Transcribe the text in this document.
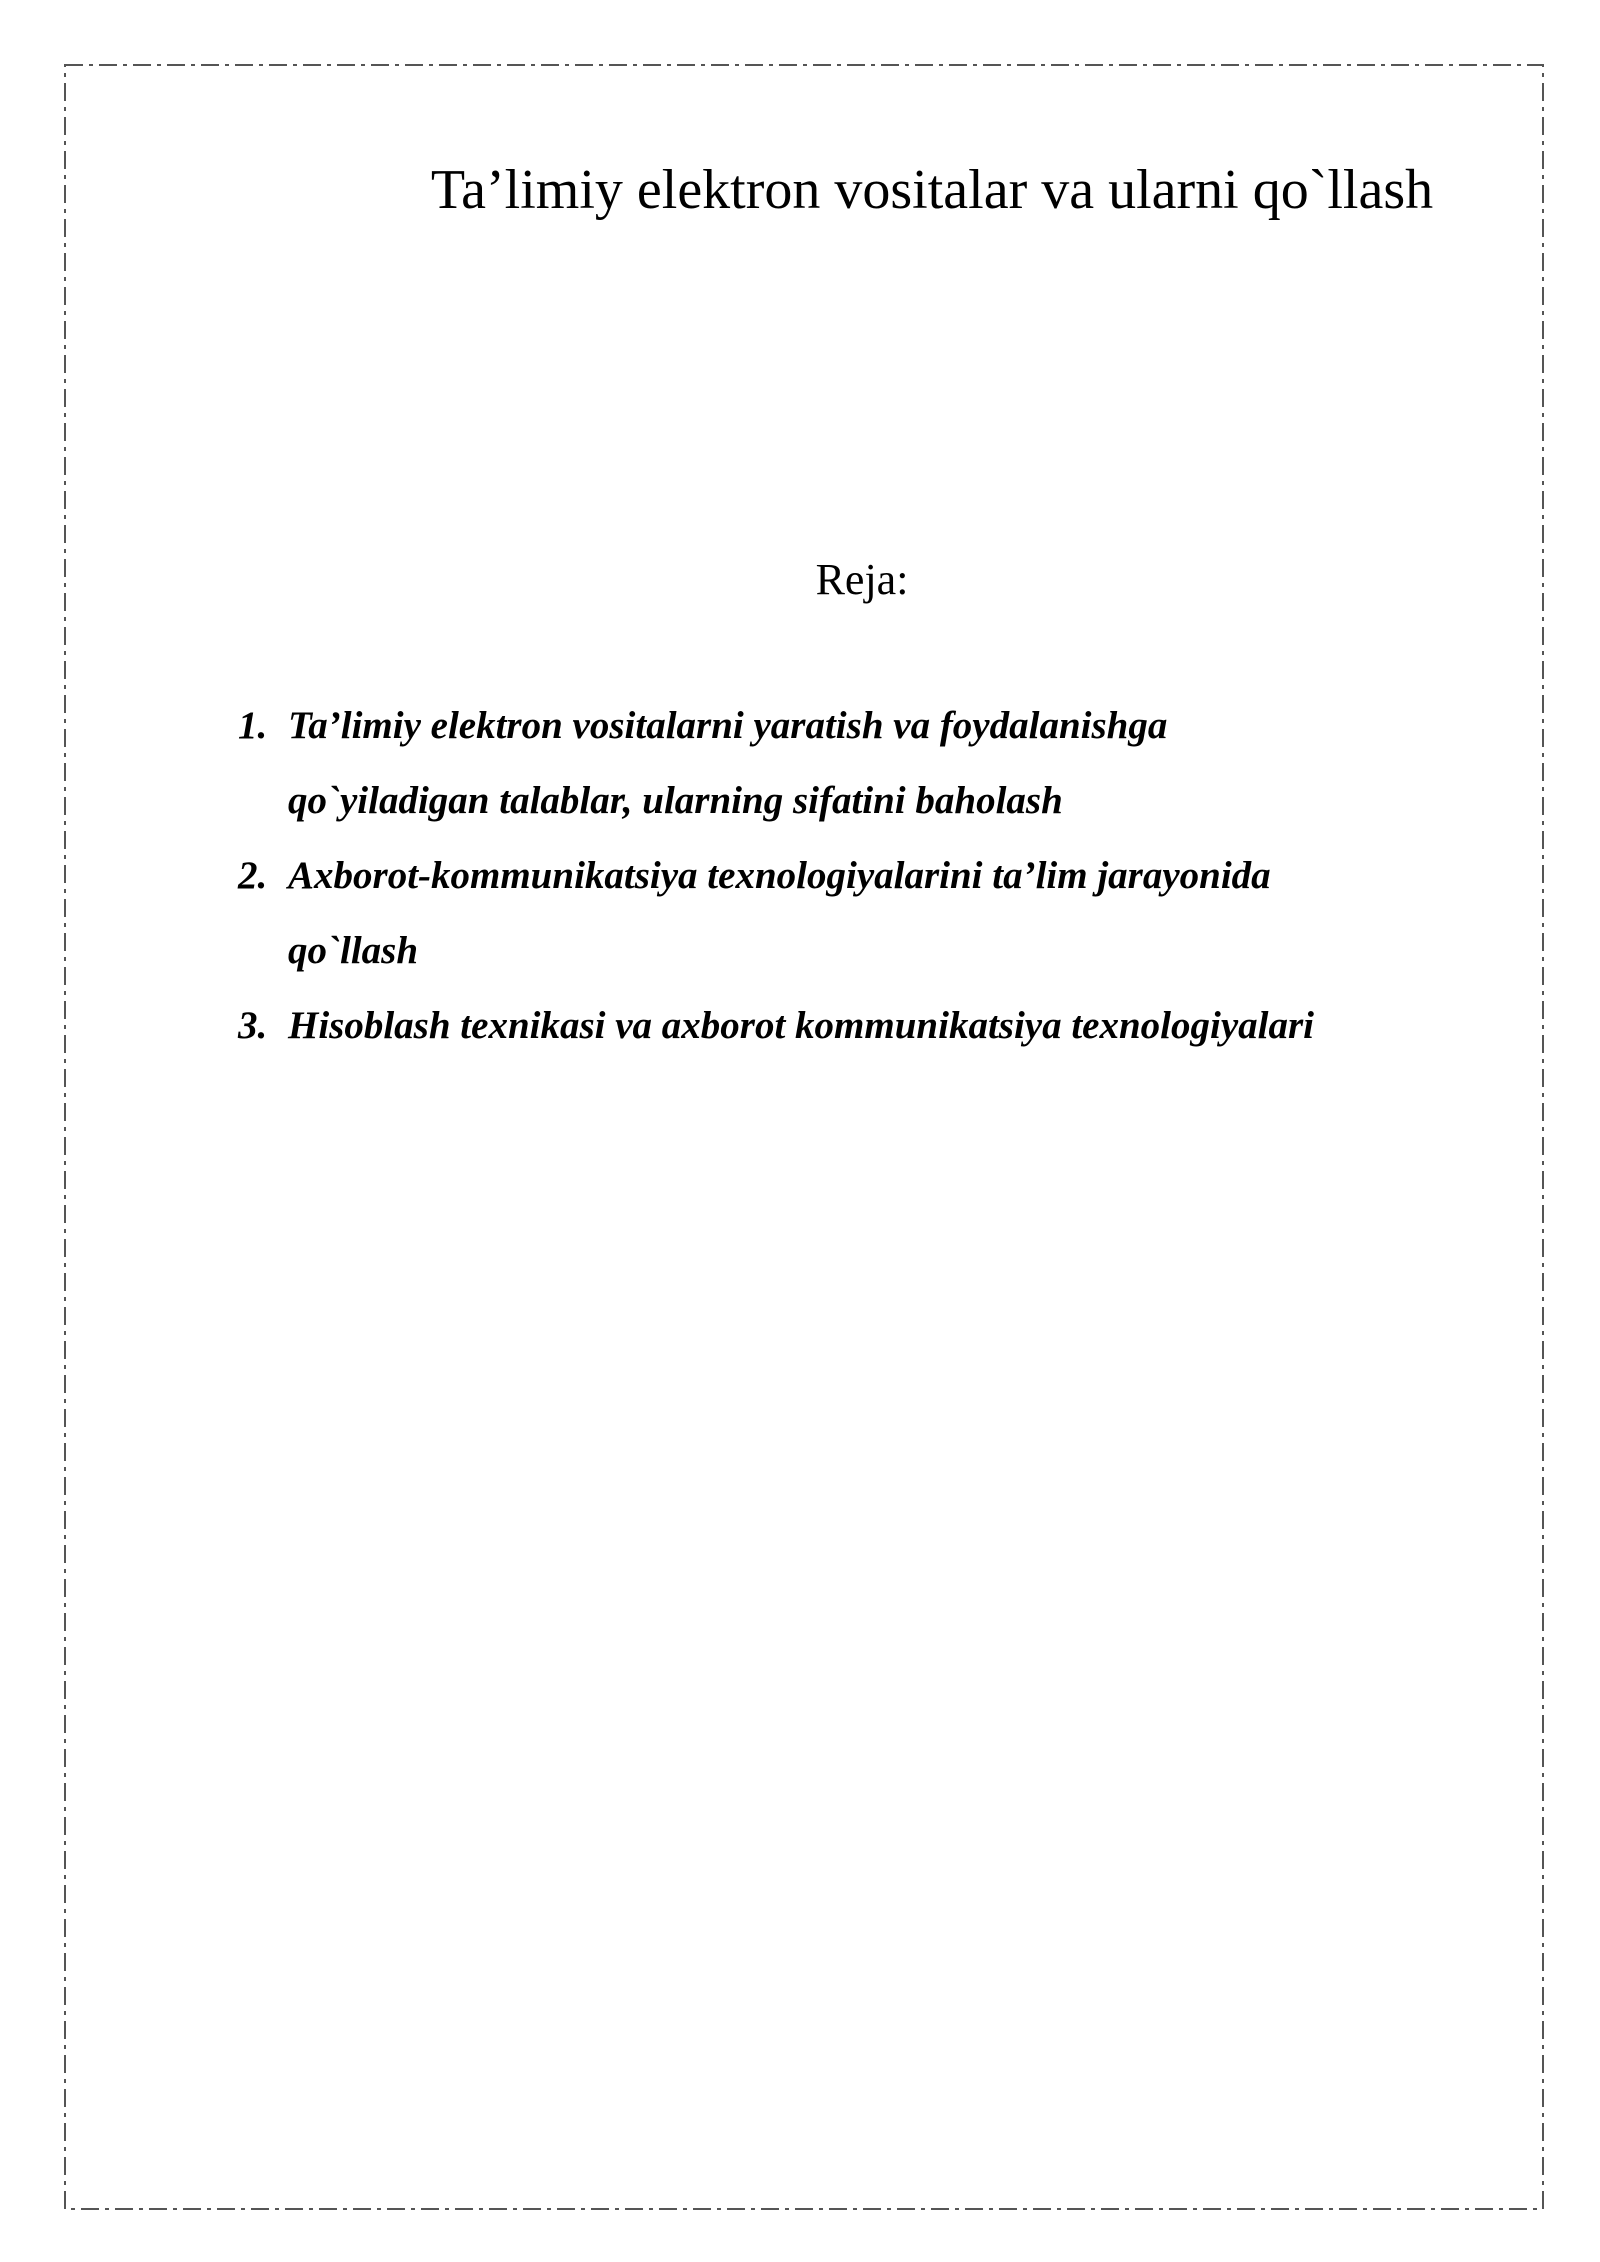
Ta’limiy elektron vositalar va ularni qo`llash
Reja:
1. Ta’limiy elektron vositalarni yaratish va foydalanishga
qo`yiladigan talablar, ularning sifatini baholash
2. Axborot-kommunikatsiya texnologiyalarini ta’lim jarayonida
qo`llash
3. Hisoblash texnikasi va axborot kommunikatsiya texnologiyalari
